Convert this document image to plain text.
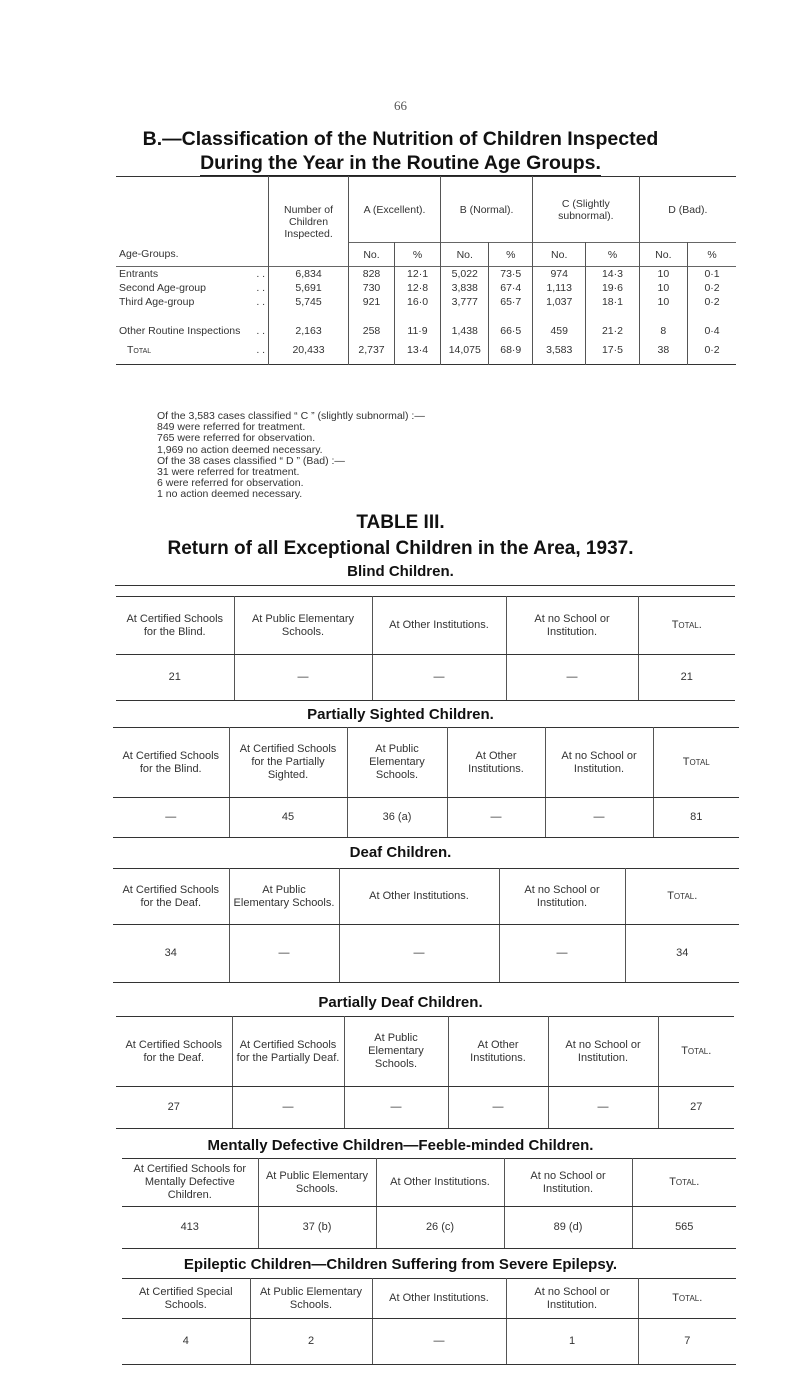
66
B.—Classification of the Nutrition of Children Inspected
During the Year in the Routine Age Groups.
Age-Groups.	Number of Children Inspected.	A (Excellent).		B (Normal).		C (Slightly subnormal).		D (Bad).	
		No.	%	No.	%	No.	%	No.	%
Entrants . .	6,834	828	12·1	5,022	73·5	974	14·3	10	0·1
Second Age-group . .	5,691	730	12·8	3,838	67·4	1,113	19·6	10	0·2
Third Age-group . .	5,745	921	16·0	3,777	65·7	1,037	18·1	10	0·2
Other Routine Inspections . .	2,163	258	11·9	1,438	66·5	459	21·2	8	0·4
Total . .	20,433	2,737	13·4	14,075	68·9	3,583	17·5	38	0·2
Of the 3,583 cases classified “ C ” (slightly subnormal) :—
849 were referred for treatment.
765 were referred for observation.
1,969 no action deemed necessary.
Of the 38 cases classified “ D ” (Bad) :—
31 were referred for treatment.
6 were referred for observation.
1 no action deemed necessary.
TABLE III.
Return of all Exceptional Children in the Area, 1937.
Blind Children.
At Certified Schools for the Blind.	At Public Elementary Schools.	At Other Institutions.	At no School or Institution.	Total.
21	—	—	—	21
Partially Sighted Children.
At Certified Schools for the Blind.	At Certified Schools for the Partially Sighted.	At Public Elementary Schools.	At Other Institutions.	At no School or Institution.	Total
—	45	36 (a)	—	—	81
Deaf Children.
At Certified Schools for the Deaf.	At Public Elementary Schools.	At Other Institutions.	At no School or Institution.	Total.
34	—	—	—	34
Partially Deaf Children.
At Certified Schools for the Deaf.	At Certified Schools for the Partially Deaf.	At Public Elementary Schools.	At Other Institutions.	At no School or Institution.	Total.
27	—	—	—	—	27
Mentally Defective Children—Feeble-minded Children.
At Certified Schools for Mentally Defective Children.	At Public Elementary Schools.	At Other Institutions.	At no School or Institution.	Total.
413	37 (b)	26 (c)	89 (d)	565
Epileptic Children—Children Suffering from Severe Epilepsy.
At Certified Special Schools.	At Public Elementary Schools.	At Other Institutions.	At no School or Institution.	Total.
4	2	—	1	7
